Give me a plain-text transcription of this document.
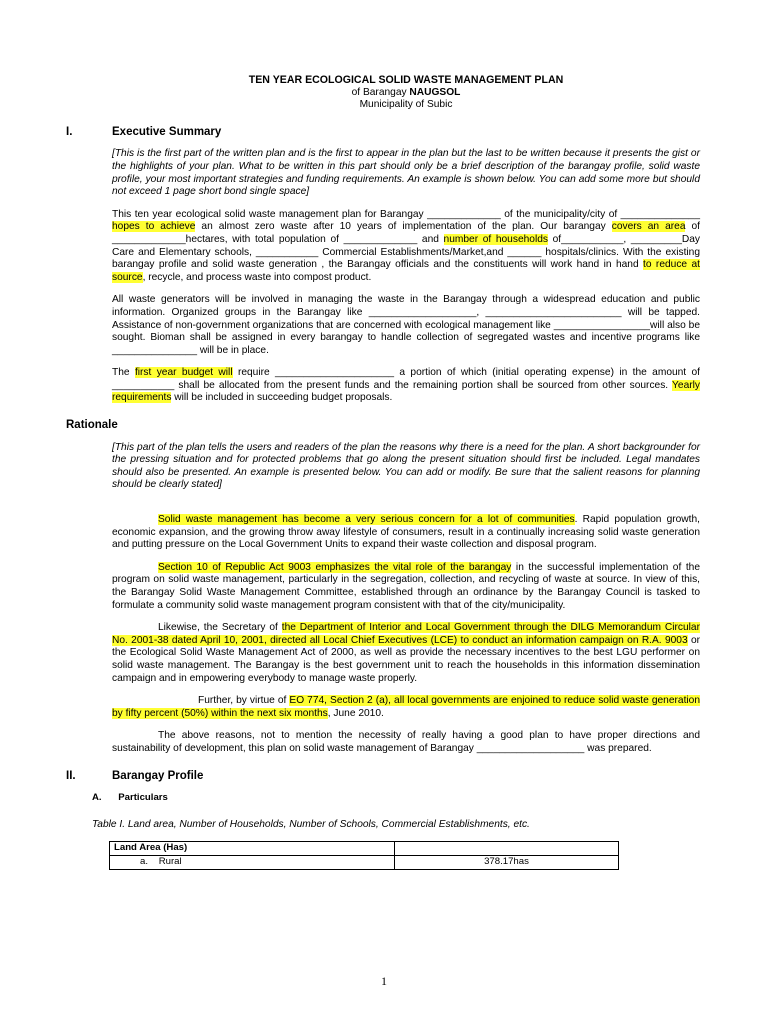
TEN YEAR ECOLOGICAL SOLID WASTE MANAGEMENT PLAN
of Barangay NAUGSOL
Municipality of Subic
I.	Executive Summary
[This is the first part of the written plan and is the first to appear in the plan but the last to be written because it presents the gist or the highlights of your plan. What to be written in this part should only be a brief description of the barangay profile, solid waste profile, your most important strategies and funding requirements. An example is shown below. You can add some more but should not exceed 1 page short bond single space]

This ten year ecological solid waste management plan for Barangay _____________ of the municipality/city of ______________ hopes to achieve an almost zero waste after 10 years of implementation of the plan. Our barangay covers an area of _____________hectares, with total population of _____________ and number of households of___________, _________Day Care and Elementary schools, ___________ Commercial Establishments/Market,and ______ hospitals/clinics. With the existing barangay profile and solid waste generation , the Barangay officials and the constituents will work hand in hand to reduce at source, recycle, and process waste into compost product.

All waste generators will be involved in managing the waste in the Barangay through a widespread education and public information. Organized groups in the Barangay like ___________________, ________________________ will be tapped. Assistance of non-government organizations that are concerned with ecological management like _________________will also be sought. Bioman shall be assigned in every barangay to handle collection of segregated wastes and incentive programs like _______________ will be in place.

The first year budget will require _____________________ a portion of which (initial operating expense) in the amount of ___________ shall be allocated from the present funds and the remaining portion shall be sourced from other sources. Yearly requirements will be included in succeeding budget proposals.

Rationale
[This part of the plan tells the users and readers of the plan the reasons why there is a need for the plan. A short backgrounder for the pressing situation and for protected problems that go along the present situation should first be included. Legal mandates should also be presented. An example is presented below. You can add or modify. Be sure that the salient reasons for planning should be clearly stated]

Solid waste management has become a very serious concern for a lot of communities. Rapid population growth, economic expansion, and the growing throw away lifestyle of consumers, result in a continually increasing solid waste generation and putting pressure on the Local Government Units to expand their waste collection and disposal program.

Section 10 of Republic Act 9003 emphasizes the vital role of the barangay in the successful implementation of the program on solid waste management, particularly in the segregation, collection, and recycling of waste at source. In view of this, the Barangay Solid Waste Management Committee, established through an ordinance by the Barangay Council is tasked to formulate a community solid waste management program consistent with that of the city/municipality.

Likewise, the Secretary of the Department of Interior and Local Government through the DILG Memorandum Circular No. 2001-38 dated April 10, 2001, directed all Local Chief Executives (LCE) to conduct an information campaign on R.A. 9003 or the Ecological Solid Waste Management Act of 2000, as well as provide the necessary incentives to the best LGU performer on solid waste management. The Barangay is the best government unit to reach the households in this information dissemination campaign and in empowering everybody to manage waste properly.

Further, by virtue of EO 774, Section 2 (a), all local governments are enjoined to reduce solid waste generation by fifty percent (50%) within the next six months, June 2010.

The above reasons, not to mention the necessity of really having a good plan to have proper directions and sustainability of development, this plan on solid waste management of Barangay ___________________ was prepared.

II.	Barangay Profile
A. Particulars
Table I. Land area, Number of Households, Number of Schools, Commercial Establishments, etc.
Land Area (Has)	
a. Rural	378.17has
1
